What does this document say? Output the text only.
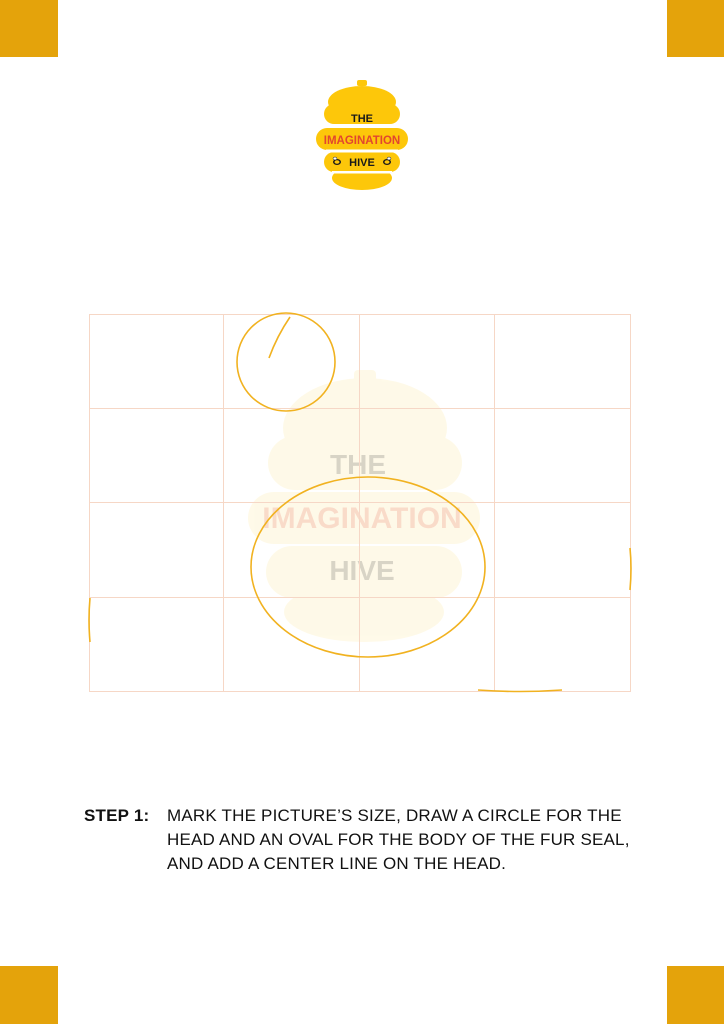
THE
IMAGINATION
HIVE
THE
IMAGINATION
HIVE
STEP 1:	MARK THE PICTURE’S SIZE, DRAW A CIRCLE FOR THE HEAD AND AN OVAL FOR THE BODY OF THE FUR SEAL, AND ADD A CENTER LINE ON THE HEAD.
